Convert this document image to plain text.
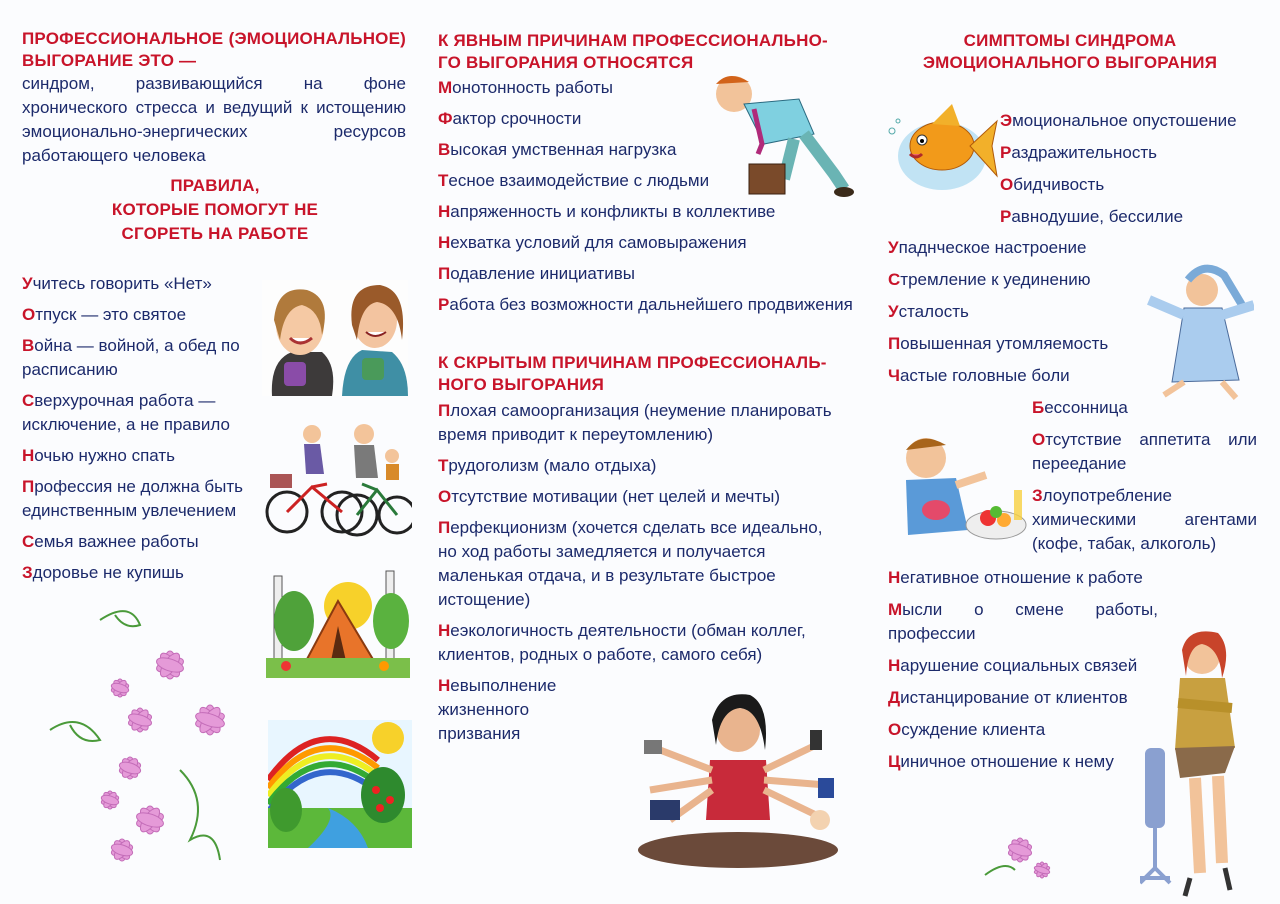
ПРОФЕССИОНАЛЬНОЕ (ЭМОЦИОНАЛЬНОЕ) ВЫГОРАНИЕ ЭТО —
синдром, развивающийся на фоне хронического стресса и ведущий к истощению эмоционально-энергических ресурсов работающего человека
ПРАВИЛА,
КОТОРЫЕ ПОМОГУТ НЕ
СГОРЕТЬ НА РАБОТЕ
Учитесь говорить «Нет»
Отпуск — это святое
Война — войной, а обед по расписанию
Сверхурочная работа — исключение, а не правило
Ночью нужно спать
Профессия не должна быть единственным увлечением
Семья важнее работы
Здоровье не купишь
К ЯВНЫМ ПРИЧИНАМ ПРОФЕССИОНАЛЬНО-ГО ВЫГОРАНИЯ ОТНОСЯТСЯ
Монотонность работы
Фактор срочности
Высокая умственная нагрузка
Тесное взаимодействие с людьми
Напряженность и конфликты в коллективе
Нехватка условий для самовыражения
Подавление инициативы
Работа без возможности дальнейшего продвижения
К СКРЫТЫМ ПРИЧИНАМ ПРОФЕССИОНАЛЬ-НОГО ВЫГОРАНИЯ
Плохая самоорганизация (неумение планировать время приводит к переутомлению)
Трудоголизм (мало отдыха)
Отсутствие мотивации (нет целей и мечты)
Перфекционизм (хочется сделать все идеально, но ход работы замедляется и получается маленькая отдача, и в результате быстрое истощение)
Неэкологичность деятельности (обман коллег, клиентов, родных о работе, самого себя)
Невыполнение жизненного призвания
СИМПТОМЫ СИНДРОМА ЭМОЦИОНАЛЬНОГО ВЫГОРАНИЯ
Эмоциональное опустошение
Раздражительность
Обидчивость
Равнодушие, бессилие
Упаднческое настроение
Стремление к уединению
Усталость
Повышенная утомляемость
Частые головные боли
Бессонница
Отсутствие аппетита или переедание
Злоупотребление химическими агентами (кофе, табак, алкоголь)
Негативное отношение к работе
Мысли о смене работы, профессии
Нарушение социальных связей
Дистанцирование от клиентов
Осуждение клиента
Циничное отношение к нему
